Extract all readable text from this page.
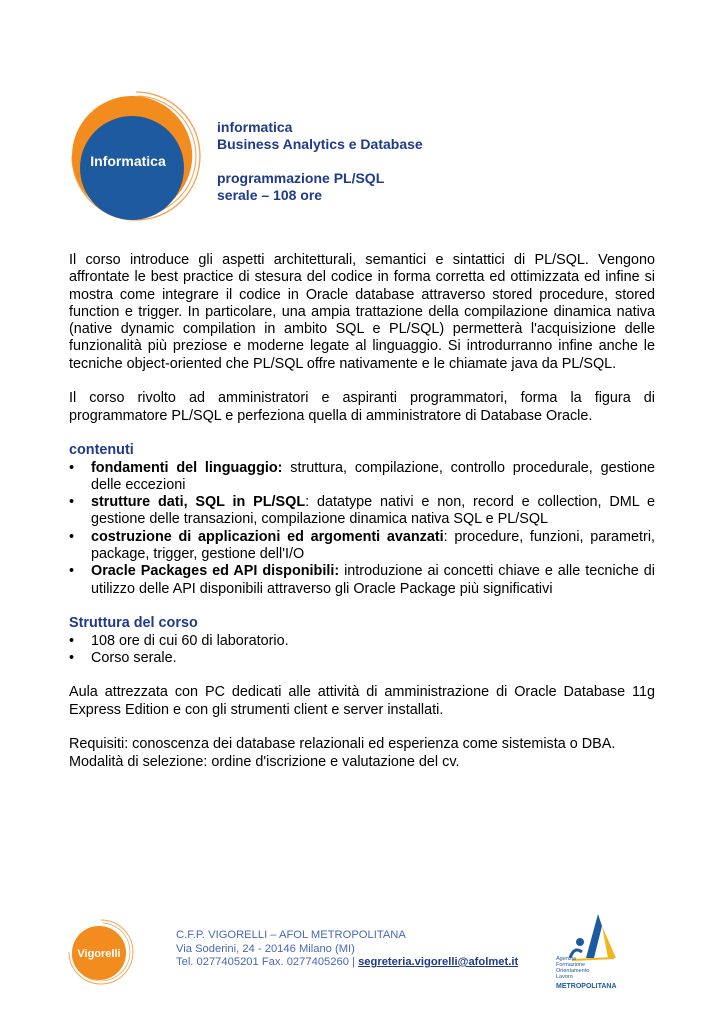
Informatica
informatica
Business Analytics e Database
programmazione PL/SQL
serale – 108 ore

Il corso introduce gli aspetti architetturali, semantici e sintattici di PL/SQL. Vengono affrontate le best practice di stesura del codice in forma corretta ed ottimizzata ed infine si mostra come integrare il codice in Oracle database attraverso stored procedure, stored function e trigger. In particolare, una ampia trattazione della compilazione dinamica nativa (native dynamic compilation in ambito SQL e PL/SQL) permetterà l'acquisizione delle funzionalità più preziose e moderne legate al linguaggio. Si introdurranno infine anche le tecniche object-oriented che PL/SQL offre nativamente e le chiamate java da PL/SQL.

Il corso rivolto ad amministratori e aspiranti programmatori, forma la figura di programmatore PL/SQL e perfeziona quella di amministratore di Database Oracle.

contenuti

• fondamenti del linguaggio: struttura, compilazione, controllo procedurale, gestione delle eccezioni
• strutture dati, SQL in PL/SQL: datatype nativi e non, record e collection, DML e gestione delle transazioni, compilazione dinamica nativa SQL e PL/SQL
• costruzione di applicazioni ed argomenti avanzati: procedure, funzioni, parametri, package, trigger, gestione dell'I/O
• Oracle Packages ed API disponibili: introduzione ai concetti chiave e alle tecniche di utilizzo delle API disponibili attraverso gli Oracle Package più significativi

Struttura del corso

• 108 ore di cui 60 di laboratorio.
• Corso serale.

Aula attrezzata con PC dedicati alle attività di amministrazione di Oracle Database 11g Express Edition e con gli strumenti client e server installati.

Requisiti: conoscenza dei database relazionali ed esperienza come sistemista o DBA.

Modalità di selezione: ordine d'iscrizione e valutazione del cv.

Vigorelli
C.F.P. VIGORELLI – AFOL METROPOLITANA
Via Soderini, 24 - 20146 Milano (MI)
Tel. 0277405201 Fax. 0277405260 | segreteria.vigorelli@afolmet.it	Agenzia
Formazione
Orientamento
Lavoro
METROPOLITANA
